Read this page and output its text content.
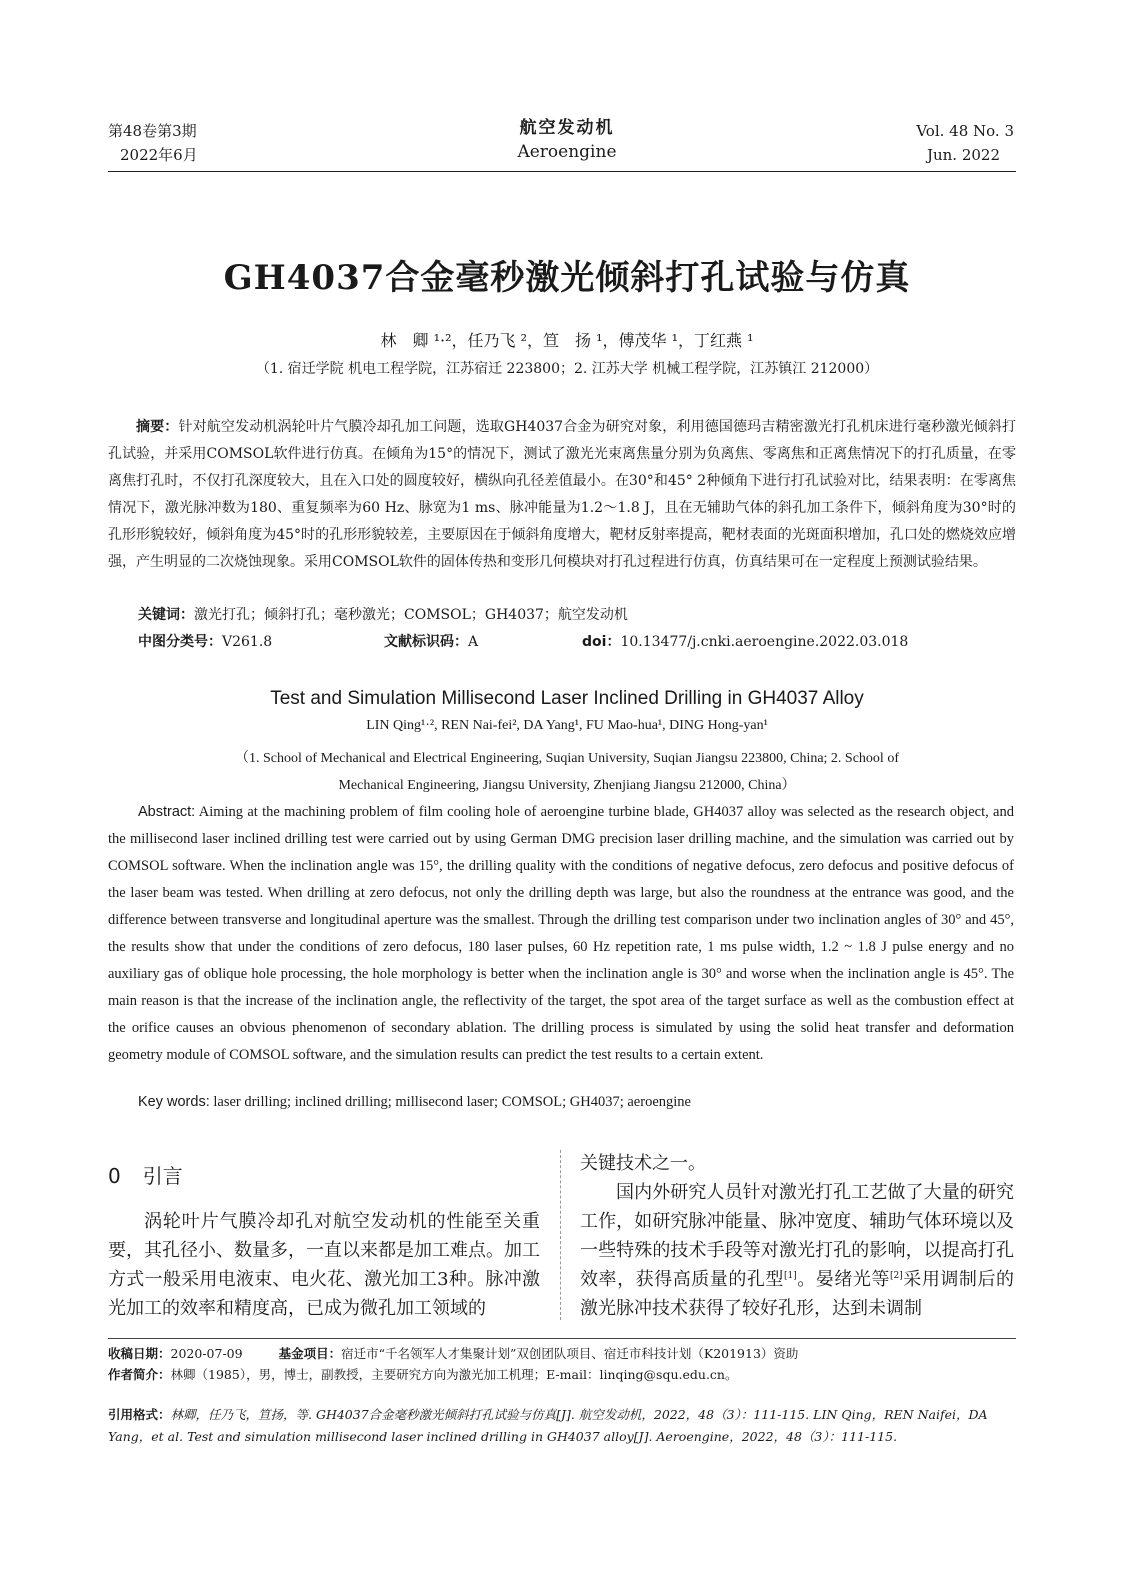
第48卷第3期
2022年6月
航空发动机
Aeroengine
Vol. 48 No. 3
Jun. 2022
GH4037合金毫秒激光倾斜打孔试验与仿真
林　卿 ¹·²，任乃飞 ²，笪　扬 ¹，傅茂华 ¹，丁红燕 ¹
（1. 宿迁学院 机电工程学院，江苏宿迁 223800；2. 江苏大学 机械工程学院，江苏镇江 212000）
摘要：针对航空发动机涡轮叶片气膜冷却孔加工问题，选取GH4037合金为研究对象，利用德国德玛吉精密激光打孔机床进行毫秒激光倾斜打孔试验，并采用COMSOL软件进行仿真。在倾角为15°的情况下，测试了激光光束离焦量分别为负离焦、零离焦和正离焦情况下的打孔质量，在零离焦打孔时，不仅打孔深度较大，且在入口处的圆度较好，横纵向孔径差值最小。在30°和45° 2种倾角下进行打孔试验对比，结果表明：在零离焦情况下，激光脉冲数为180、重复频率为60 Hz、脉宽为1 ms、脉冲能量为1.2～1.8 J，且在无辅助气体的斜孔加工条件下，倾斜角度为30°时的孔形形貌较好，倾斜角度为45°时的孔形形貌较差，主要原因在于倾斜角度增大，靶材反射率提高，靶材表面的光斑面积增加，孔口处的燃烧效应增强，产生明显的二次烧蚀现象。采用COMSOL软件的固体传热和变形几何模块对打孔过程进行仿真，仿真结果可在一定程度上预测试验结果。
关键词：激光打孔；倾斜打孔；毫秒激光；COMSOL；GH4037；航空发动机
中图分类号：V261.8	文献标识码：A	doi：10.13477/j.cnki.aeroengine.2022.03.018
Test and Simulation Millisecond Laser Inclined Drilling in GH4037 Alloy
LIN Qing¹·², REN Nai-fei², DA Yang¹, FU Mao-hua¹, DING Hong-yan¹
（1. School of Mechanical and Electrical Engineering, Suqian University, Suqian Jiangsu 223800, China; 2. School of
Mechanical Engineering, Jiangsu University, Zhenjiang Jiangsu 212000, China）
Abstract: Aiming at the machining problem of film cooling hole of aeroengine turbine blade, GH4037 alloy was selected as the research object, and the millisecond laser inclined drilling test were carried out by using German DMG precision laser drilling machine, and the simulation was carried out by COMSOL software. When the inclination angle was 15°, the drilling quality with the conditions of negative defocus, zero defocus and positive defocus of the laser beam was tested. When drilling at zero defocus, not only the drilling depth was large, but also the roundness at the entrance was good, and the difference between transverse and longitudinal aperture was the smallest. Through the drilling test comparison under two inclination angles of 30° and 45°, the results show that under the conditions of zero defocus, 180 laser pulses, 60 Hz repetition rate, 1 ms pulse width, 1.2 ~ 1.8 J pulse energy and no auxiliary gas of oblique hole processing, the hole morphology is better when the inclination angle is 30° and worse when the inclination angle is 45°. The main reason is that the increase of the inclination angle, the reflectivity of the target, the spot area of the target surface as well as the combustion effect at the orifice causes an obvious phenomenon of secondary ablation. The drilling process is simulated by using the solid heat transfer and deformation geometry module of COMSOL software, and the simulation results can predict the test results to a certain extent.
Key words: laser drilling; inclined drilling; millisecond laser; COMSOL; GH4037; aeroengine
0 引言
涡轮叶片气膜冷却孔对航空发动机的性能至关重要，其孔径小、数量多，一直以来都是加工难点。加工方式一般采用电液束、电火花、激光加工3种。脉冲激光加工的效率和精度高，已成为微孔加工领域的
关键技术之一。
国内外研究人员针对激光打孔工艺做了大量的研究工作，如研究脉冲能量、脉冲宽度、辅助气体环境以及一些特殊的技术手段等对激光打孔的影响，以提高打孔效率，获得高质量的孔型[1]。晏绪光等[2]采用调制后的激光脉冲技术获得了较好孔形，达到未调制
收稿日期：2020-07-09	基金项目：宿迁市“千名领军人才集聚计划”双创团队项目、宿迁市科技计划（K201913）资助
作者简介：林卿（1985），男，博士，副教授，主要研究方向为激光加工机理；E-mail：linqing@squ.edu.cn。
引用格式：林卿，任乃飞，笪扬，等. GH4037合金毫秒激光倾斜打孔试验与仿真[J]. 航空发动机，2022，48（3）：111-115. LIN Qing，REN Naifei，DA Yang，et al. Test and simulation millisecond laser inclined drilling in GH4037 alloy[J]. Aeroengine，2022，48（3）：111-115.
